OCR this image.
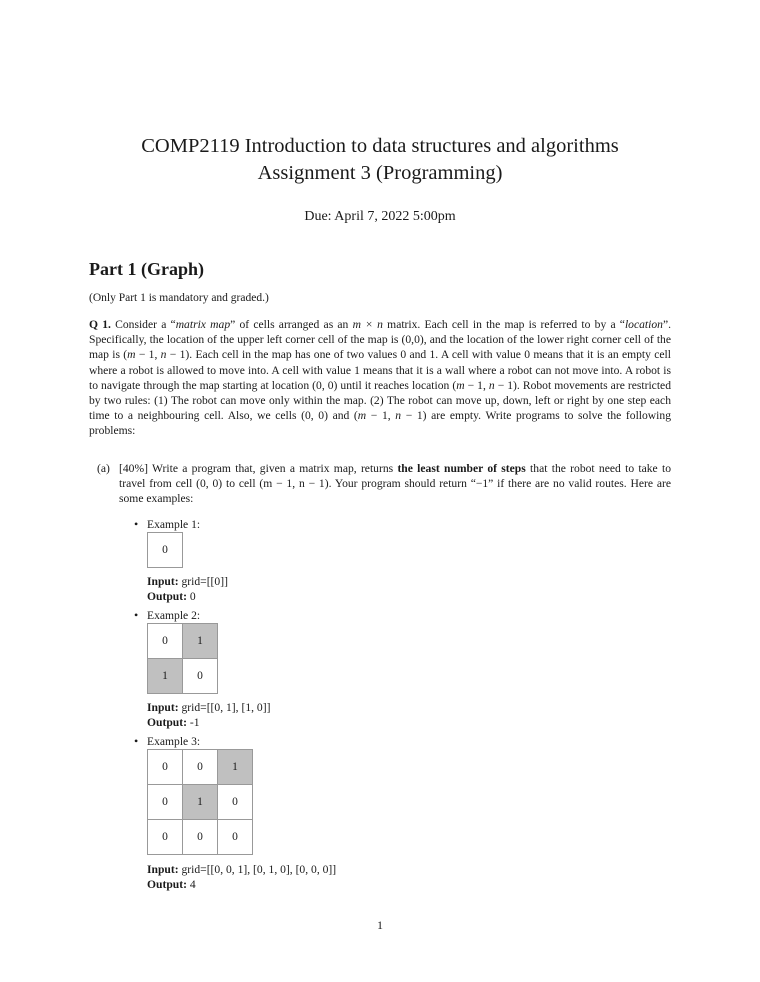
COMP2119 Introduction to data structures and algorithms
Assignment 3 (Programming)
Due: April 7, 2022 5:00pm
Part 1 (Graph)
(Only Part 1 is mandatory and graded.)
Q 1. Consider a “matrix map” of cells arranged as an m × n matrix. Each cell in the map is referred to by a “location”. Specifically, the location of the upper left corner cell of the map is (0,0), and the location of the lower right corner cell of the map is (m − 1, n − 1). Each cell in the map has one of two values 0 and 1. A cell with value 0 means that it is an empty cell where a robot is allowed to move into. A cell with value 1 means that it is a wall where a robot can not move into. A robot is to navigate through the map starting at location (0, 0) until it reaches location (m − 1, n − 1). Robot movements are restricted by two rules: (1) The robot can move only within the map. (2) The robot can move up, down, left or right by one step each time to a neighbouring cell. Also, we cells (0, 0) and (m − 1, n − 1) are empty. Write programs to solve the following problems:
(a) [40%] Write a program that, given a matrix map, returns the least number of steps that the robot need to take to travel from cell (0, 0) to cell (m − 1, n − 1). Your program should return “−1” if there are no valid routes. Here are some examples:
• Example 1:
0
Input: grid=[[0]]
Output: 0
• Example 2:
0	1
1	0
Input: grid=[[0, 1], [1, 0]]
Output: -1
• Example 3:
0	0	1
0	1	0
0	0	0
Input: grid=[[0, 0, 1], [0, 1, 0], [0, 0, 0]]
Output: 4
1
